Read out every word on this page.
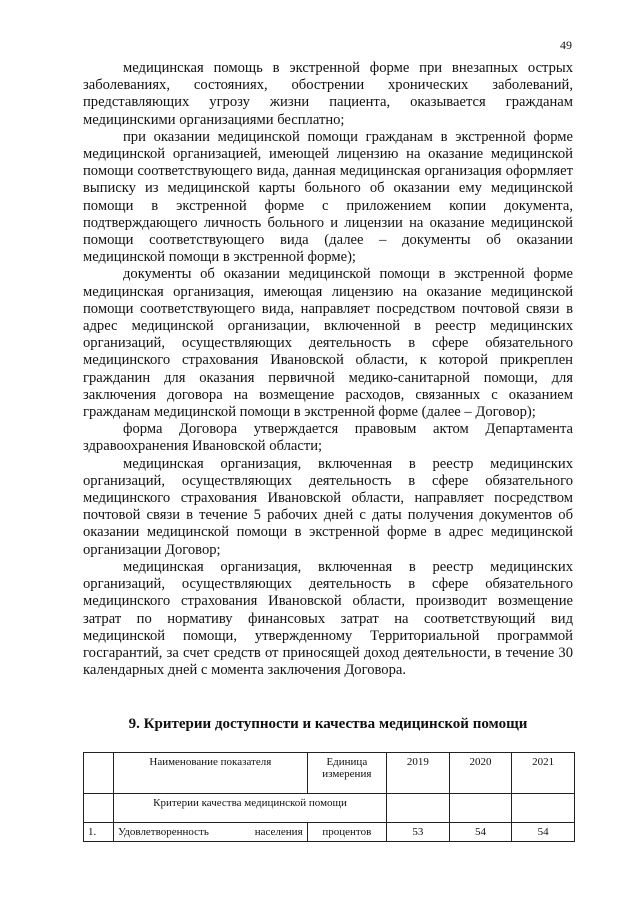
49

медицинская помощь в экстренной форме при внезапных острых заболеваниях, состояниях, обострении хронических заболеваний, представляющих угрозу жизни пациента, оказывается гражданам медицинскими организациями бесплатно;

при оказании медицинской помощи гражданам в экстренной форме медицинской организацией, имеющей лицензию на оказание медицинской помощи соответствующего вида, данная медицинская организация оформляет выписку из медицинской карты больного об оказании ему медицинской помощи в экстренной форме с приложением копии документа, подтверждающего личность больного и лицензии на оказание медицинской помощи соответствующего вида (далее – документы об оказании медицинской помощи в экстренной форме);

документы об оказании медицинской помощи в экстренной форме медицинская организация, имеющая лицензию на оказание медицинской помощи соответствующего вида, направляет посредством почтовой связи в адрес медицинской организации, включенной в реестр медицинских организаций, осуществляющих деятельность в сфере обязательного медицинского страхования Ивановской области, к которой прикреплен гражданин для оказания первичной медико-санитарной помощи, для заключения договора на возмещение расходов, связанных с оказанием гражданам медицинской помощи в экстренной форме (далее – Договор);

форма Договора утверждается правовым актом Департамента здравоохранения Ивановской области;

медицинская организация, включенная в реестр медицинских организаций, осуществляющих деятельность в сфере обязательного медицинского страхования Ивановской области, направляет посредством почтовой связи в течение 5 рабочих дней с даты получения документов об оказании медицинской помощи в экстренной форме в адрес медицинской организации Договор;

медицинская организация, включенная в реестр медицинских организаций, осуществляющих деятельность в сфере обязательного медицинского страхования Ивановской области, производит возмещение затрат по нормативу финансовых затрат на соответствующий вид медицинской помощи, утвержденному Территориальной программой госгарантий, за счет средств от приносящей доход деятельности, в течение 30 календарных дней с момента заключения Договора.

9. Критерии доступности и качества медицинской помощи
	Наименование показателя	Единица измерения	2019	2020	2021
	Критерии качества медицинской помощи				
1.	Удовлетворенность населения	процентов	53	54	54
